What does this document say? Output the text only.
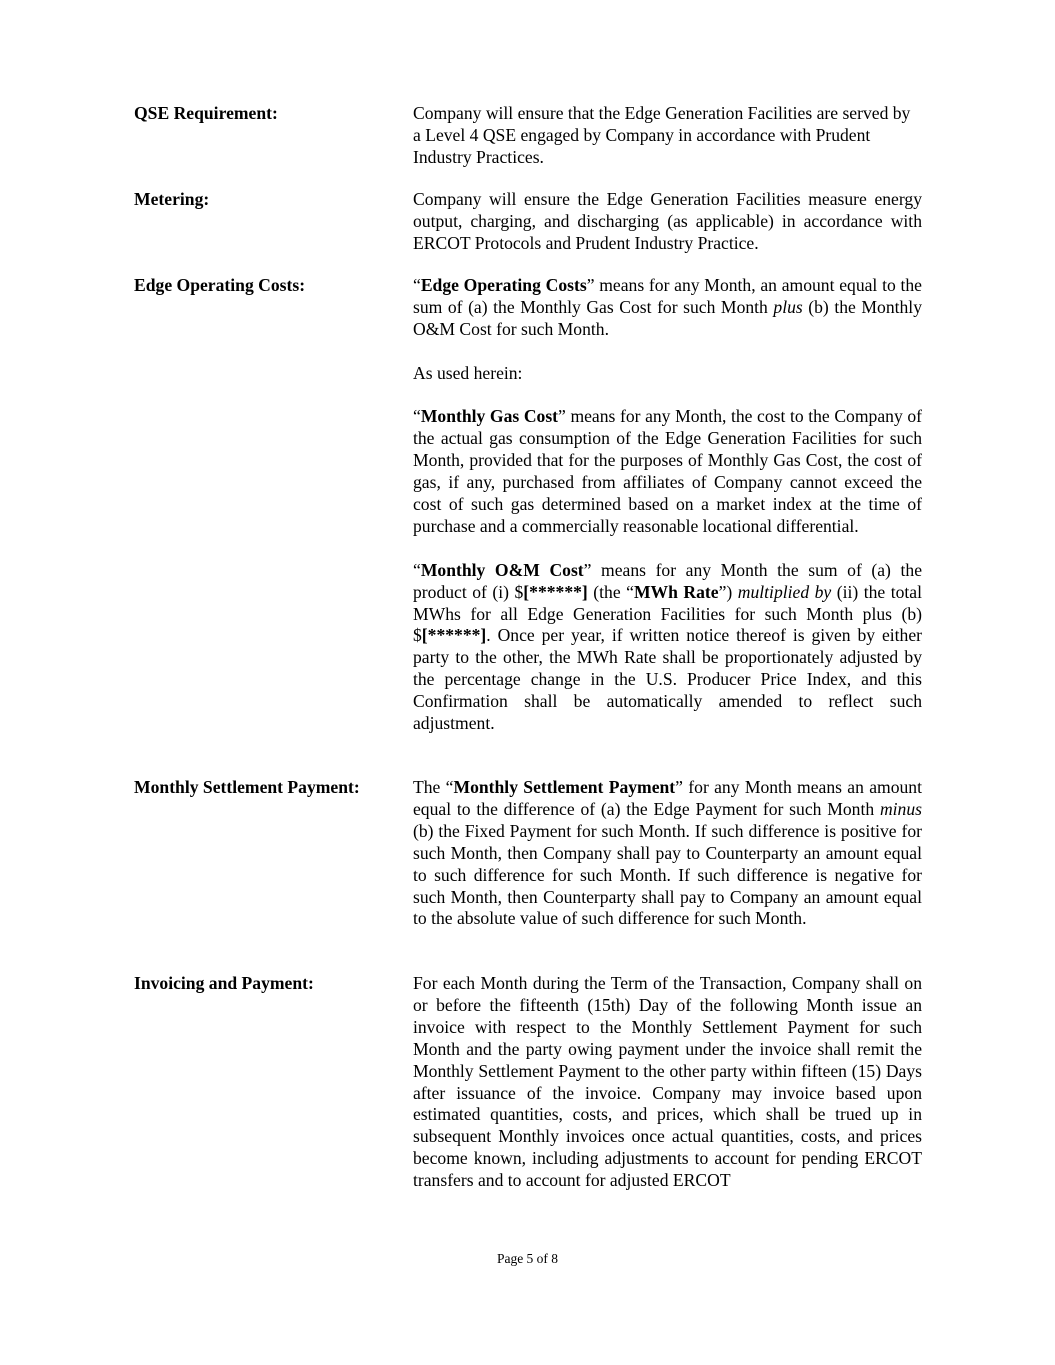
QSE Requirement:	Company will ensure that the Edge Generation Facilities are served by a Level 4 QSE engaged by Company in accordance with Prudent Industry Practices.

Metering:	Company will ensure the Edge Generation Facilities measure energy output, charging, and discharging (as applicable) in accordance with ERCOT Protocols and Prudent Industry Practice.

Edge Operating Costs:	“Edge Operating Costs” means for any Month, an amount equal to the sum of (a) the Monthly Gas Cost for such Month plus (b) the Monthly O&M Cost for such Month.

As used herein:

“Monthly Gas Cost” means for any Month, the cost to the Company of the actual gas consumption of the Edge Generation Facilities for such Month, provided that for the purposes of Monthly Gas Cost, the cost of gas, if any, purchased from affiliates of Company cannot exceed the cost of such gas determined based on a market index at the time of purchase and a commercially reasonable locational differential.

“Monthly O&M Cost” means for any Month the sum of (a) the product of (i) $[******] (the “MWh Rate”) multiplied by (ii) the total MWhs for all Edge Generation Facilities for such Month plus (b) $[******]. Once per year, if written notice thereof is given by either party to the other, the MWh Rate shall be proportionately adjusted by the percentage change in the U.S. Producer Price Index, and this Confirmation shall be automatically amended to reflect such adjustment.

Monthly Settlement Payment:	The “Monthly Settlement Payment” for any Month means an amount equal to the difference of (a) the Edge Payment for such Month minus (b) the Fixed Payment for such Month. If such difference is positive for such Month, then Company shall pay to Counterparty an amount equal to such difference for such Month. If such difference is negative for such Month, then Counterparty shall pay to Company an amount equal to the absolute value of such difference for such Month.

Invoicing and Payment:	For each Month during the Term of the Transaction, Company shall on or before the fifteenth (15th) Day of the following Month issue an invoice with respect to the Monthly Settlement Payment for such Month and the party owing payment under the invoice shall remit the Monthly Settlement Payment to the other party within fifteen (15) Days after issuance of the invoice. Company may invoice based upon estimated quantities, costs, and prices, which shall be trued up in subsequent Monthly invoices once actual quantities, costs, and prices become known, including adjustments to account for pending ERCOT transfers and to account for adjusted ERCOT

Page 5 of 8
